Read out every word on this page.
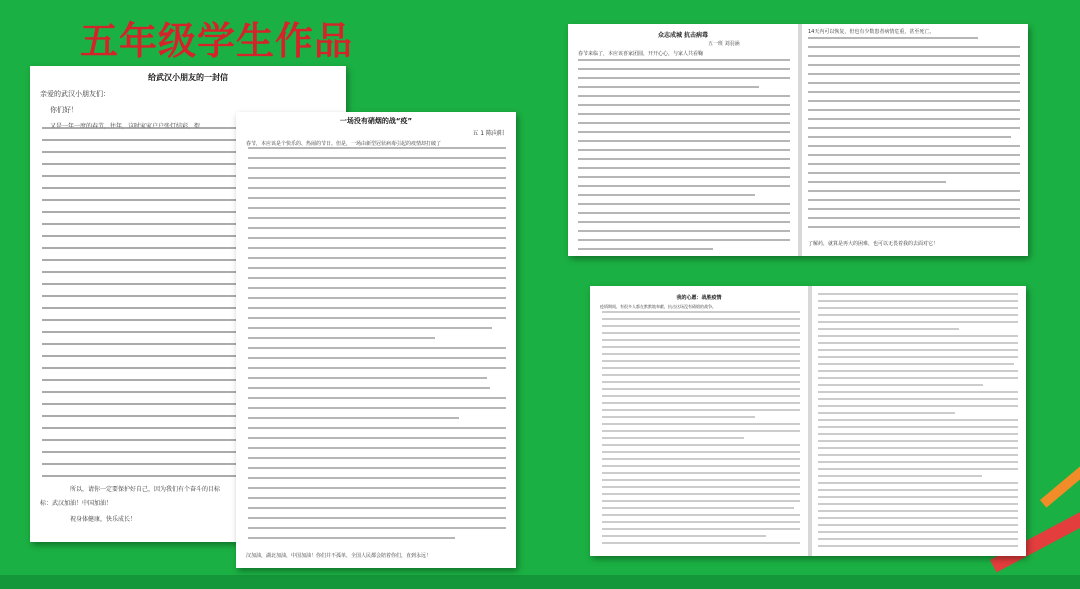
五年级学生作品
给武汉小朋友的一封信
亲爱的武汉小朋友们：
你们好！
又是一年一度的春节，往年，这时家家户户张灯结彩，街
所以，请你一定要保护好自己，因为我们有个奋斗的目标
标：武汉加油！中国加油！
祝身体健康，快乐成长！
一场没有硝烟的战“疫”
五 1 陈向阳
春节，本应该是个快乐的、热闹的节日。但是，一场由新型冠状病毒引起的疫情却打破了
汉加油，湖北加油，中国加油！你们并不孤单，全国人民都会陪着你们，直到永远！
众志成城 抗击病毒
五一班 刘羽涵
春节来临了，本应该喜家团圆，开开心心，与家人共看鞠
14天内可以恢复，但也有少数患者病情危重，甚至死亡。
了解药，就算是再大的困难，也可以无畏着我的去面对它！
我的心愿：战胜疫情
疫情期间，有很多人都在默默地奉献，抗击这场没有硝烟的战争。
